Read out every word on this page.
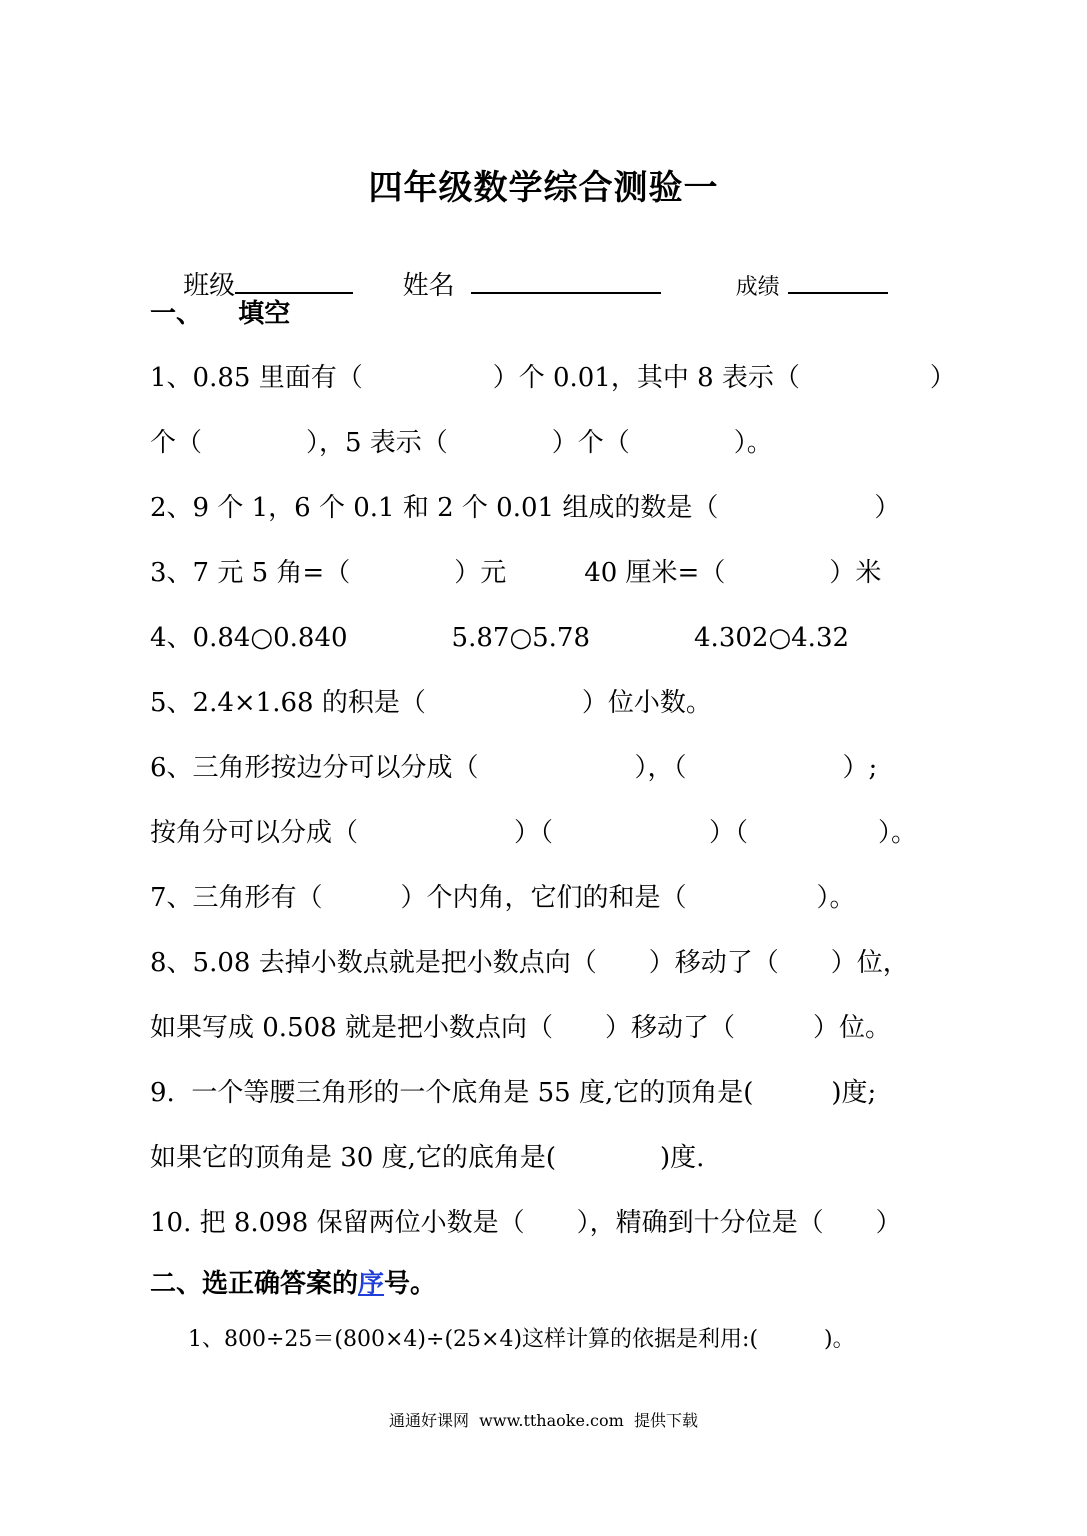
四年级数学综合测验一

班级	姓名	成绩

一、 填空
1、0.85 里面有（　　　　　）个 0.01，其中 8 表示（　　　　　）
个（　　　　），5 表示（　　　　）个（　　　　）。
2、9 个 1，6 个 0.1 和 2 个 0.01 组成的数是（　　　　　　）
3、7 元 5 角=（　　　　）元　　　40 厘米=（　　　　）米
4、0.84○0.840　　　　5.87○5.78　　　　4.302○4.32
5、2.4×1.68 的积是（　　　　　　）位小数。
6、三角形按边分可以分成（　　　　　　），（　　　　　　）;
按角分可以分成（　　　　　　）（　　　　　　）（　　　　　）。
7、三角形有（　　　）个内角，它们的和是（　　　　　）。
8、5.08 去掉小数点就是把小数点向（　　）移动了（　　）位，
如果写成 0.508 就是把小数点向（　　）移动了（　　　）位。
9.  一个等腰三角形的一个底角是 55 度,它的顶角是(　　　)度;
如果它的顶角是 30 度,它的底角是(　　　　)度.
10. 把 8.098 保留两位小数是（　　），精确到十分位是（　　）
二、选正确答案的序号。
1、800÷25＝(800×4)÷(25×4)这样计算的依据是利用:(　　　)。
通通好课网  www.tthaoke.com  提供下载
